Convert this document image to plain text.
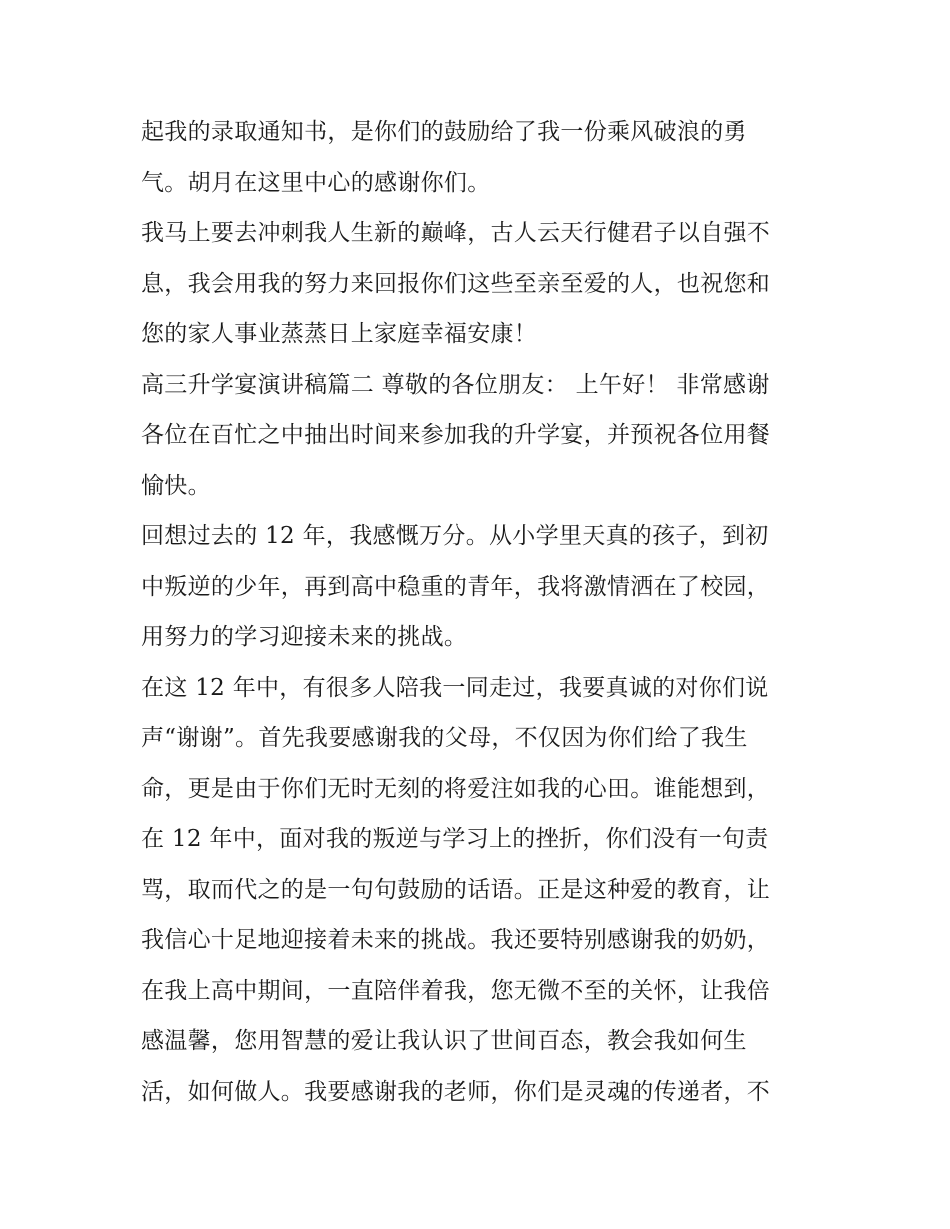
起我的录取通知书，是你们的鼓励给了我一份乘风破浪的勇
气。胡月在这里中心的感谢你们。
我马上要去冲刺我人生新的巅峰，古人云天行健君子以自强不
息，我会用我的努力来回报你们这些至亲至爱的人，也祝您和
您的家人事业蒸蒸日上家庭幸福安康！
高三升学宴演讲稿篇二 尊敬的各位朋友： 上午好！ 非常感谢
各位在百忙之中抽出时间来参加我的升学宴，并预祝各位用餐
愉快。
回想过去的 12 年，我感慨万分。从小学里天真的孩子，到初
中叛逆的少年，再到高中稳重的青年，我将激情洒在了校园，
用努力的学习迎接未来的挑战。
在这 12 年中，有很多人陪我一同走过，我要真诚的对你们说
声“谢谢”。首先我要感谢我的父母，不仅因为你们给了我生
命，更是由于你们无时无刻的将爱注如我的心田。谁能想到，
在 12 年中，面对我的叛逆与学习上的挫折，你们没有一句责
骂，取而代之的是一句句鼓励的话语。正是这种爱的教育，让
我信心十足地迎接着未来的挑战。我还要特别感谢我的奶奶，
在我上高中期间，一直陪伴着我，您无微不至的关怀，让我倍
感温馨，您用智慧的爱让我认识了世间百态，教会我如何生
活，如何做人。我要感谢我的老师，你们是灵魂的传递者，不
